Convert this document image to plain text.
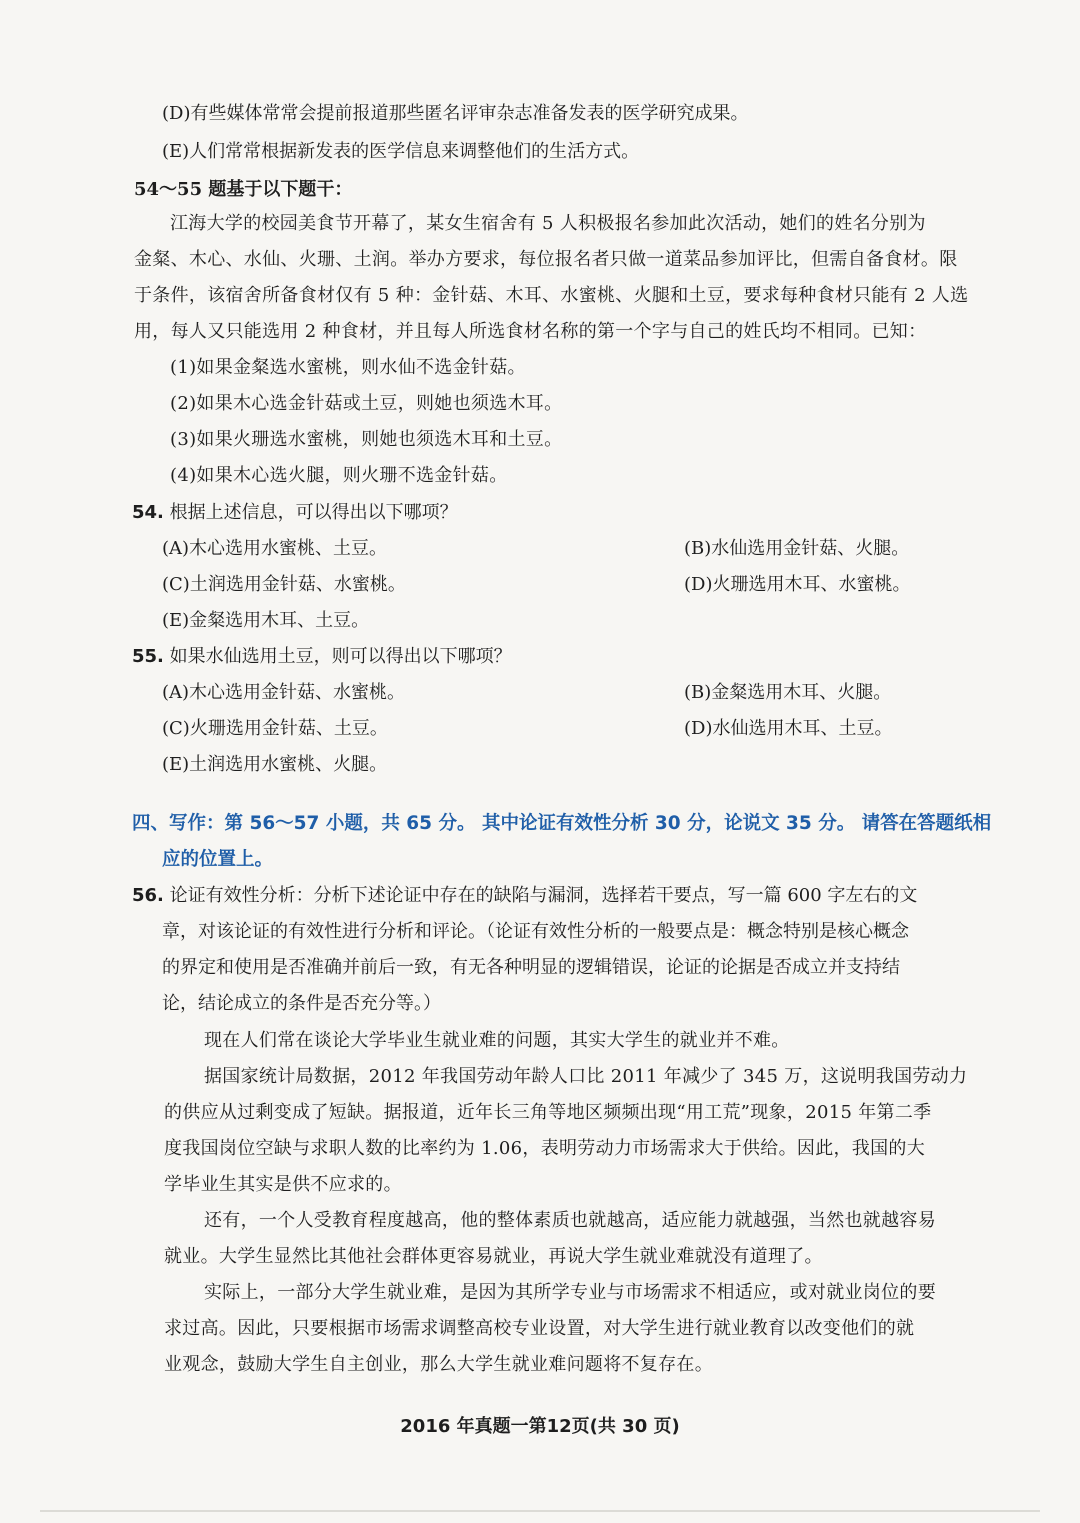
(D)有些媒体常常会提前报道那些匿名评审杂志准备发表的医学研究成果。
(E)人们常常根据新发表的医学信息来调整他们的生活方式。
54～55 题基于以下题干：
江海大学的校园美食节开幕了，某女生宿舍有 5 人积极报名参加此次活动，她们的姓名分别为
金粲、木心、水仙、火珊、土润。举办方要求，每位报名者只做一道菜品参加评比，但需自备食材。限
于条件，该宿舍所备食材仅有 5 种：金针菇、木耳、水蜜桃、火腿和土豆，要求每种食材只能有 2 人选
用，每人又只能选用 2 种食材，并且每人所选食材名称的第一个字与自己的姓氏均不相同。已知：
(1)如果金粲选水蜜桃，则水仙不选金针菇。
(2)如果木心选金针菇或土豆，则她也须选木耳。
(3)如果火珊选水蜜桃，则她也须选木耳和土豆。
(4)如果木心选火腿，则火珊不选金针菇。
54. 根据上述信息，可以得出以下哪项？
(A)木心选用水蜜桃、土豆。	(B)水仙选用金针菇、火腿。
(C)土润选用金针菇、水蜜桃。	(D)火珊选用木耳、水蜜桃。
(E)金粲选用木耳、土豆。
55. 如果水仙选用土豆，则可以得出以下哪项？
(A)木心选用金针菇、水蜜桃。	(B)金粲选用木耳、火腿。
(C)火珊选用金针菇、土豆。	(D)水仙选用木耳、土豆。
(E)土润选用水蜜桃、火腿。
四、写作：第 56～57 小题，共 65 分。 其中论证有效性分析 30 分，论说文 35 分。 请答在答题纸相
应的位置上。
56. 论证有效性分析：分析下述论证中存在的缺陷与漏洞，选择若干要点，写一篇 600 字左右的文
章，对该论证的有效性进行分析和评论。（论证有效性分析的一般要点是：概念特别是核心概念
的界定和使用是否准确并前后一致，有无各种明显的逻辑错误，论证的论据是否成立并支持结
论，结论成立的条件是否充分等。）
现在人们常在谈论大学毕业生就业难的问题，其实大学生的就业并不难。
据国家统计局数据，2012 年我国劳动年龄人口比 2011 年减少了 345 万，这说明我国劳动力
的供应从过剩变成了短缺。据报道，近年长三角等地区频频出现“用工荒”现象，2015 年第二季
度我国岗位空缺与求职人数的比率约为 1.06，表明劳动力市场需求大于供给。因此，我国的大
学毕业生其实是供不应求的。
还有，一个人受教育程度越高，他的整体素质也就越高，适应能力就越强，当然也就越容易
就业。大学生显然比其他社会群体更容易就业，再说大学生就业难就没有道理了。
实际上，一部分大学生就业难，是因为其所学专业与市场需求不相适应，或对就业岗位的要
求过高。因此，只要根据市场需求调整高校专业设置，对大学生进行就业教育以改变他们的就
业观念，鼓励大学生自主创业，那么大学生就业难问题将不复存在。
2016 年真题一第12页(共 30 页)
